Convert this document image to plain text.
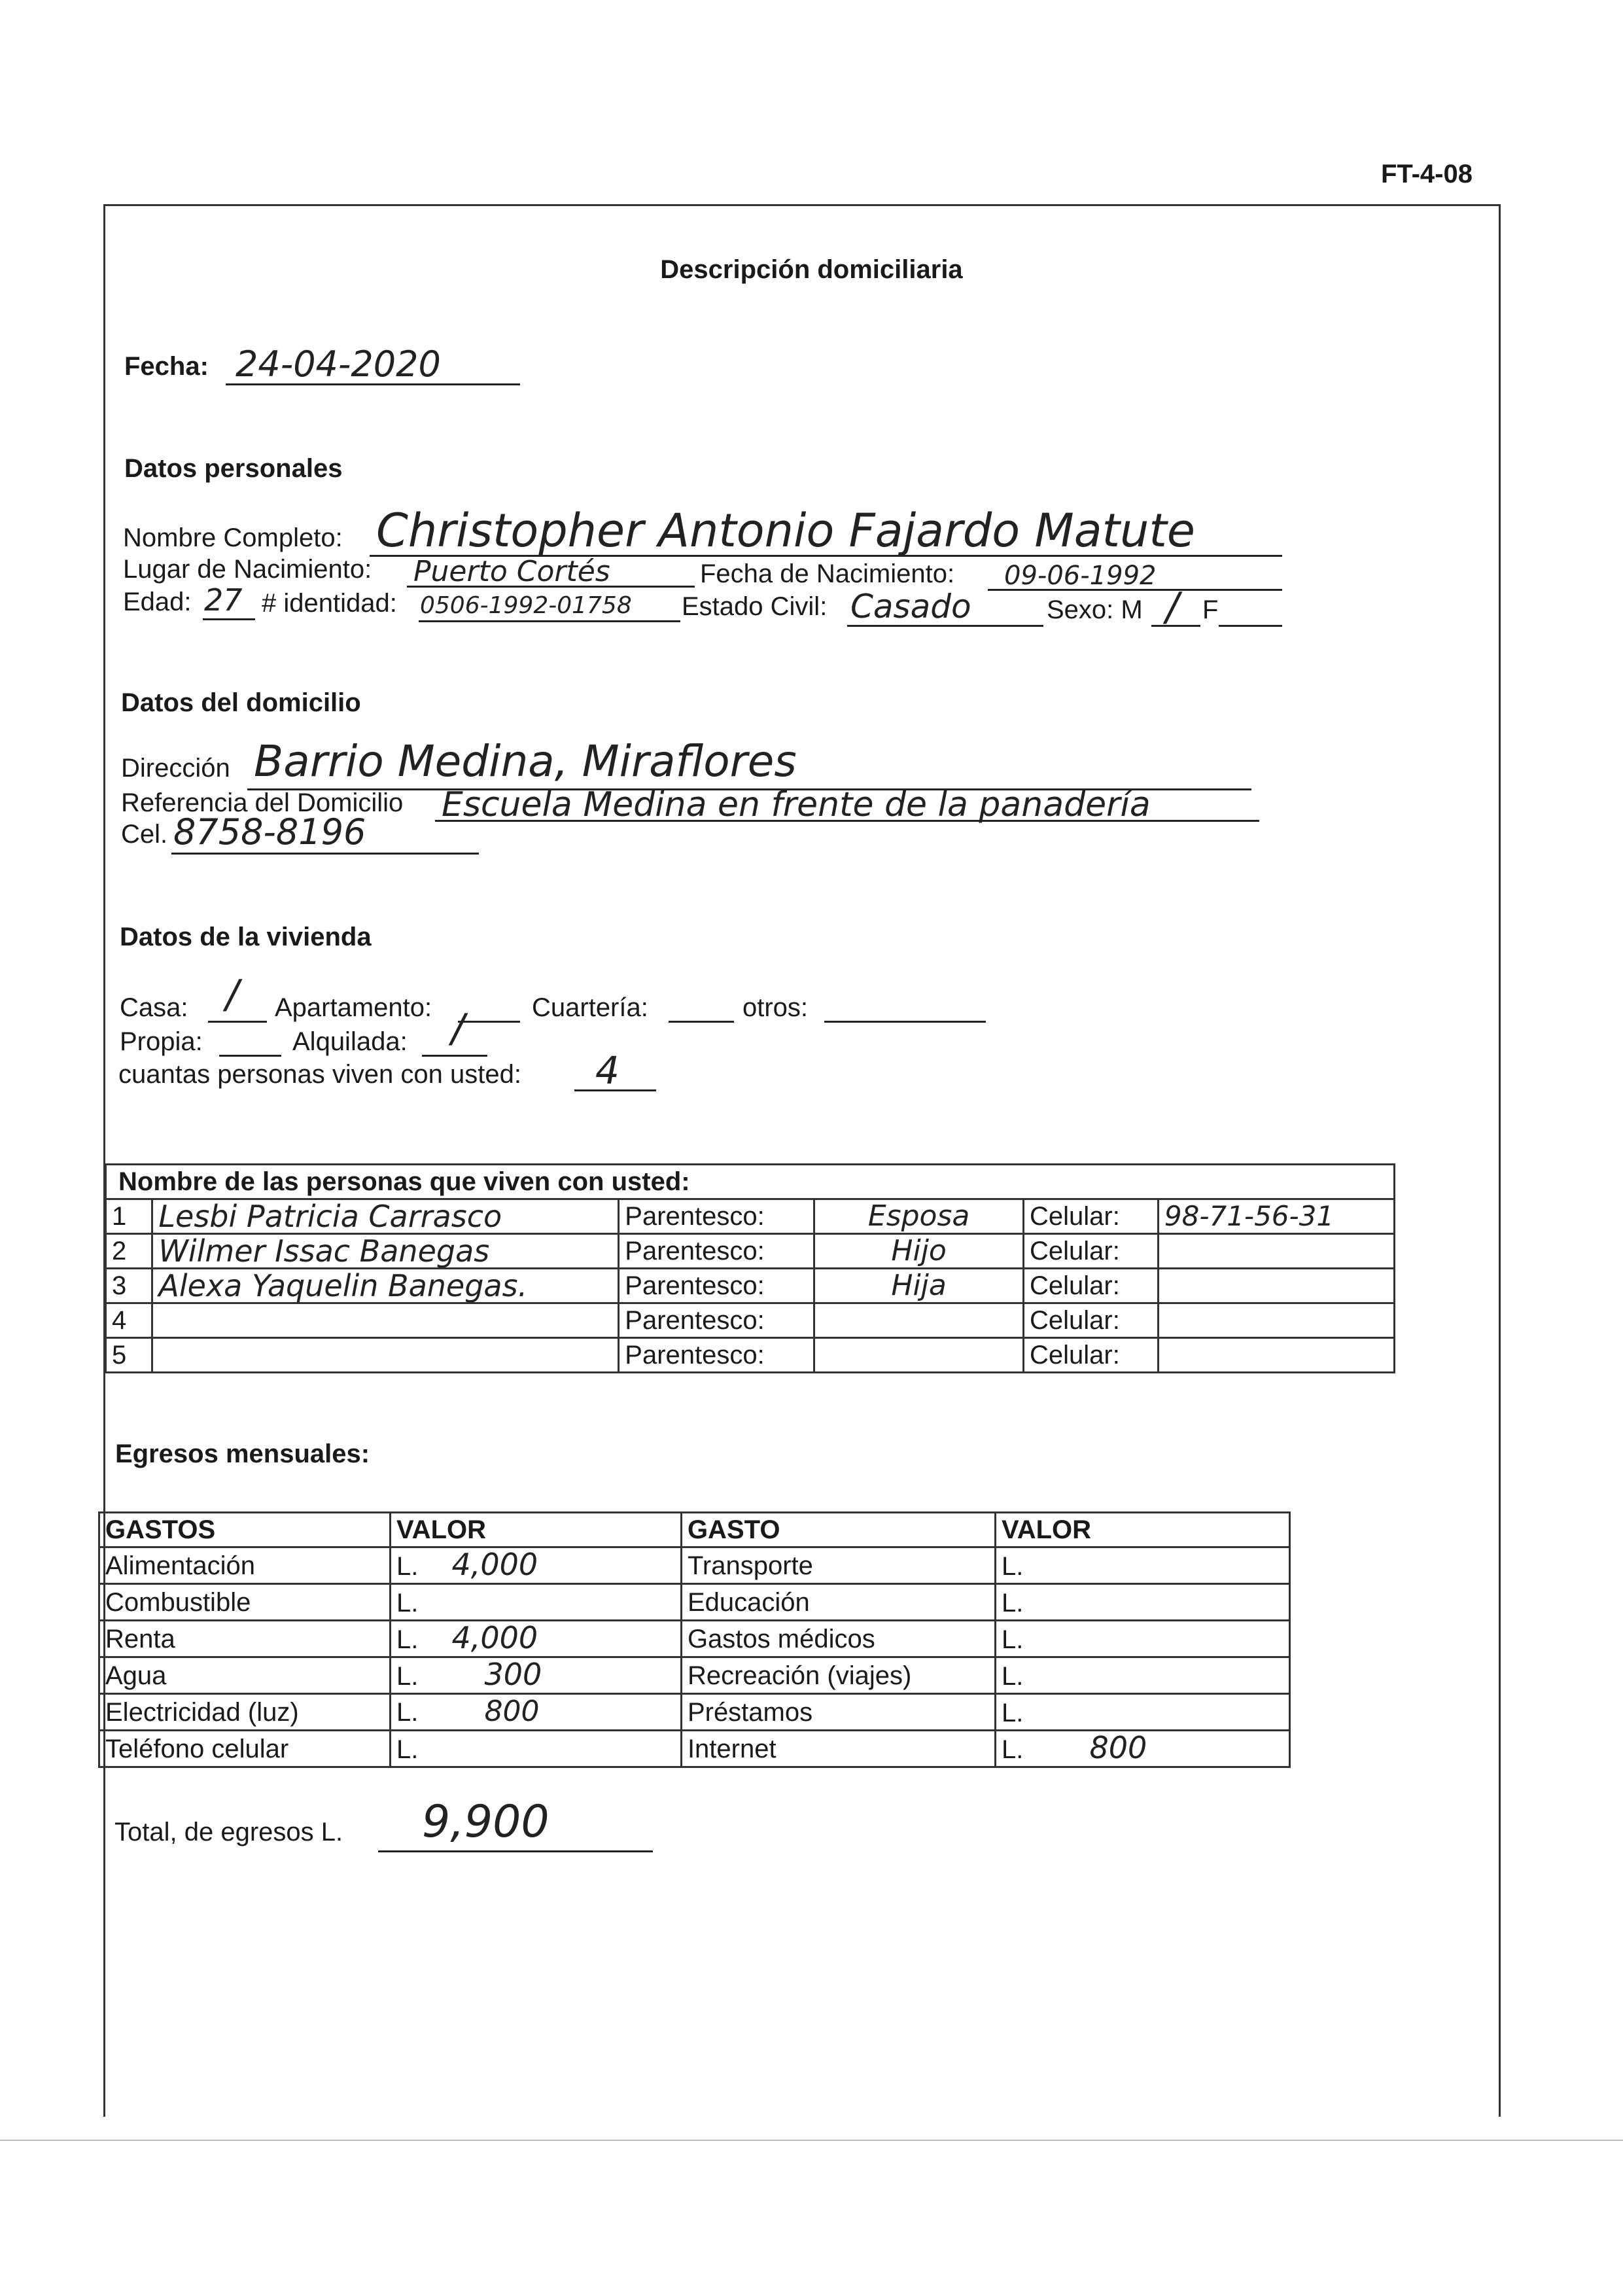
FT-4-08
Descripción domiciliaria
Fecha: 24-04-2020
Datos personales
Nombre Completo: Christopher Antonio Fajardo Matute
Lugar de Nacimiento: Puerto Cortés	Fecha de Nacimiento: 09-06-1992
Edad: 27 # identidad: 0506-1992-01758 Estado Civil: Casado	Sexo: M / F
Datos del domicilio
Dirección Barrio Medina, Miraflores
Referencia del Domicilio Escuela Medina en frente de la panadería
Cel. 8758-8196
Datos de la vivienda
Casa: / Apartamento:	Cuartería:	otros:
Propia:	Alquilada: /
cuantas personas viven con usted: 4
Nombre de las personas que viven con usted:					
1	Lesbi Patricia Carrasco	Parentesco:	Esposa	Celular:	98-71-56-31
2	Wilmer Issac Banegas	Parentesco:	Hijo	Celular:	
3	Alexa Yaquelin Banegas.	Parentesco:	Hija	Celular:	
4		Parentesco:		Celular:	
5		Parentesco:		Celular:	
Egresos mensuales:
GASTOS	VALOR	GASTO	VALOR
Alimentación	L. 4,000	Transporte	L.
Combustible	L.	Educación	L.
Renta	L. 4,000	Gastos médicos	L.
Agua	L. 300	Recreación (viajes)	L.
Electricidad (luz)	L. 800	Préstamos	L.
Teléfono celular	L.	Internet	L. 800
Total, de egresos L. 9,900
